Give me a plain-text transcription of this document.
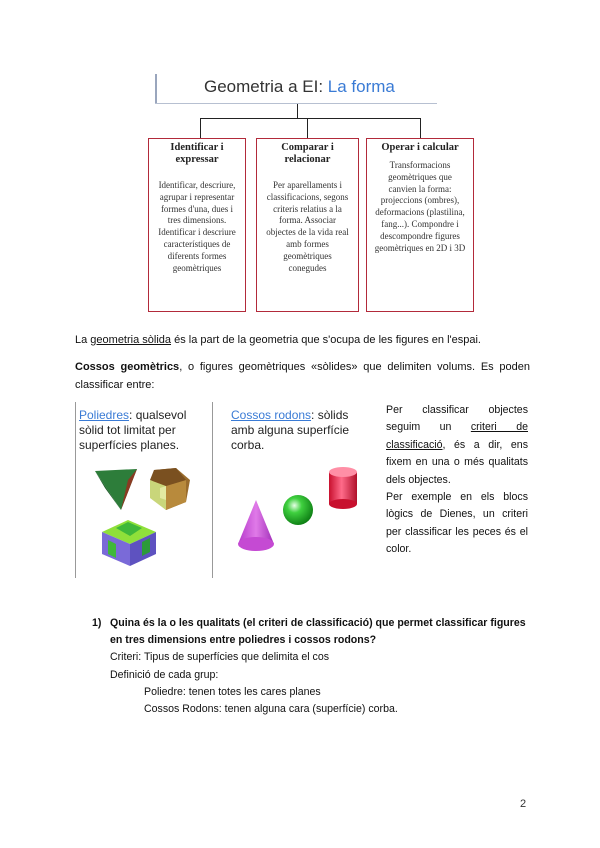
Geometria a EI: La forma
Identificar i expressar
Identificar, descriure, agrupar i representar formes d'una, dues i tres dimensions. Identificar i descriure característiques de diferents formes geomètriques
Comparar i relacionar
Per aparellaments i classificacions, segons criteris relatius a la forma. Associar objectes de la vida real amb formes geomètriques conegudes
Operar i calcular
Transformacions geomètriques que canvien la forma: projeccions (ombres), deformacions (plastilina, fang...). Compondre i descompondre figures geomètriques en 2D i 3D
La geometria sòlida és la part de la geometria que s'ocupa de les figures en l'espai.
Cossos geomètrics, o figures geomètriques «sòlides» que delimiten volums. Es poden classificar entre:
Poliedres: qualsevol sòlid tot limitat per superfícies planes.
Cossos rodons: sòlids amb alguna superfície corba.

Per classificar objectes seguim un criteri de classificació, és a dir, ens fixem en una o més qualitats dels objectes.

Per exemple en els blocs lògics de Dienes, un criteri per classificar les peces és el color.

1) Quina és la o les qualitats (el criteri de classificació) que permet classificar figures en tres dimensions entre poliedres i cossos rodons?
Criteri: Tipus de superfícies que delimita el cos
Definició de cada grup:
Poliedre: tenen totes les cares planes
Cossos Rodons: tenen alguna cara (superfície) corba.
2
